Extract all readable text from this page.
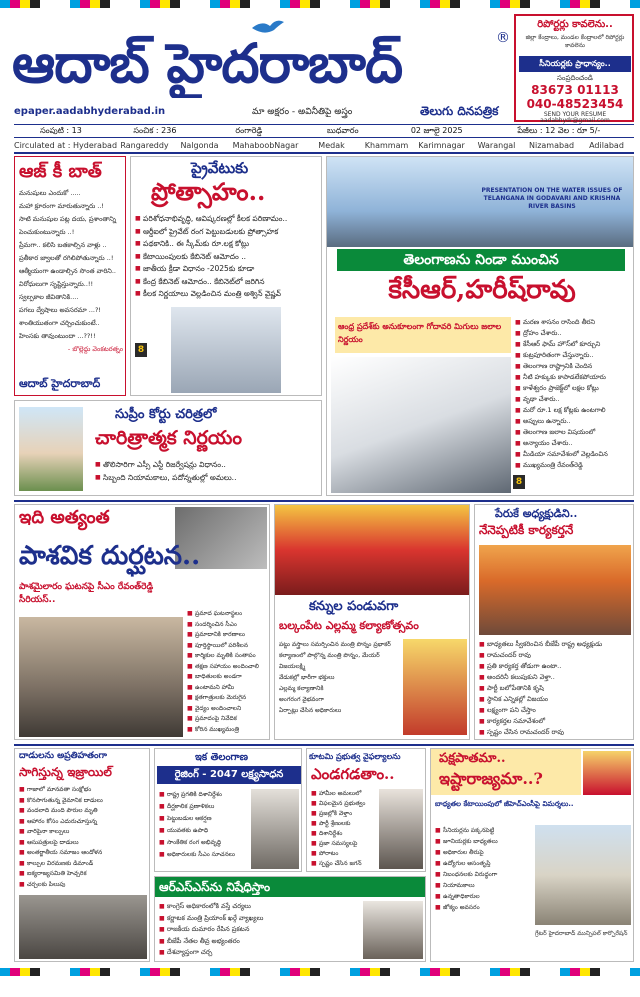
ఆదాబ్ హైదరాబాద్	®
epaper.aadabhyderabad.in	మా అక్షరం - అవినీతిపై అస్త్రం	తెలుగు దినపత్రిక
రిపోర్టర్లు కావలెను..
జిల్లా కేంద్రాలు, మండల కేంద్రాలలో రిపోర్టర్లు కావలెను
సీనియర్లకు ప్రాధాన్యం..
సంప్రదించండి
83673 01113
040-48523454
SEND YOUR RESUME
aadabhydr@gmail.com
సంపుటి : 13	సంచిక : 236	రంగారెడ్డి	బుధవారం	02 జూలై 2025	పేజీలు : 12 వెల : రూ 5/-
Circulated at : Hyderabad Rangareddy	Nalgonda	MahaboobNagar	Medak	Khammam	Karimnagar	Warangal	Nizamabad	Adilabad
ఆజ్ కీ బాత్
మనుషులు ఎందుకో .....
మహా క్రూరంగా మారుతున్నారు ..!
సాటి మనుషుల పట్ల దయ, ప్రశాంతాన్ని
పెంచుకుంటున్నారు ..!
ప్రేమగా.. కలిసి బతకాల్సిన వాళ్లు ..
ప్రతీకార జ్వాలతో రగిలిపోతున్నారు ..!
ఆత్మీయంగా ఉండాల్సిన సొంత వారిని..
విరోధులుగా సృష్టిస్తున్నారు..!!
స్వల్పకాల జీవితానికి....
పగలు ద్వేషాలు అవసరమా ...?!
శాంతియుతంగా చర్చించుకుంటే..
హింసకు తావుంటుందా ...??!!
- బొల్లెద్దు వెంకటరత్నం
ఆదాబ్ హైదరాబాద్
ప్రైవేటుకు
ప్రోత్సాహం..
■ పరిశోధనాభివృద్ధి, ఆవిష్కరణల్లో కీలక పరిణామం..
■ ఆర్డీఐలో ప్రైవేట్ రంగ పెట్టుబడులకు ప్రోత్సాహక
■ పథకానికి.. ఈ స్కీమ్‌కు రూ.లక్ష కోట్లు
■ కేటాయింపులకు కేబినెట్ ఆమోదం ..
■ జాతీయ క్రీడా విధానం -2025కు కూడా
■ కేంద్ర కేబినెట్ ఆమోదం.. కేబినెట్‌లో జరిగిన
■ కీలక నిర్ణయాలు వెల్లడించిన మంత్రి అశ్విన్ వైష్ణవ్
8
PRESENTATION ON THE WATER ISSUES OF TELANGANA IN GODAVARI AND KRISHNA RIVER BASINS
తెలంగాణను నిండా ముంచిన
కేసీఆర్,హరీష్‌రావు
ఆంధ్ర ప్రదేశ్‌కు అనుకూలంగా గోదావరి మిగులు జలాల నిర్ణయం
8
■ మరణ శాసనం రాసింది తీరని
■ ద్రోహం చేశారు..
■ కేసీఆర్ ఫామ్ హౌస్‌లో కూర్చుని
■ కుట్రపూరితంగా చేస్తున్నారు..
■ తెలంగాణ రాష్ట్రానికి చెందిన
■ నీటి హక్కుకు కాపాడలేకపోయారు
■ కాళేశ్వరం ప్రాజెక్ట్‌లో లక్షల కోట్లు
■ వృథా చేశారు..
■ మరో రూ.1 లక్ష కోట్లకు ఉంటగాలి
■ అప్పులు ఉన్నారు..
■ తెలంగాణ జలాల విషయంలో
■ అన్యాయం చేశారు..
■ మీడియా సమావేశంలో వెల్లడించిన
■ ముఖ్యమంత్రి రేవంత్‌రెడ్డి
సుప్రీం కోర్టు చరిత్రలో
చారిత్రాత్మక నిర్ణయం
■ తొలిసారిగా ఎస్సీ ఎస్టీ రిజర్వేషన్లు విధానం..
■ సిబ్బంది నియామకాలు, పదోన్నతుల్లో అమలు..
ఇది అత్యంత
పాశవిక దుర్ఘటన..
పాశమైలారం ఘటనపై సీఎం రేవంత్‌రెడ్డి సీరియస్..
■ ప్రమాద ఘటనాస్థలం
■ సందర్శించిన సీఎం
■ ప్రమాదానికి కారణాలు
■ పూర్తిస్థాయిలో పరిశీలన
■ కార్మికుల మృతికి సంతాపం
■ తక్షణ సహాయం అందించాలి
■ బాధితులకు అండగా
■ ఉంటామని హామీ
■ క్షతగాత్రులకు మెరుగైన
■ వైద్యం అందించాలని
■ ప్రమాదంపై నివేదిక
■ కోరిన ముఖ్యమంత్రి
కన్నుల పండువగా
బల్కంపేట ఎల్లమ్మ కల్యాణోత్సవం
పట్టు వస్త్రాలు సమర్పించిన మంత్రి పొన్నం ప్రభాకర్
కల్యాణంలో పాల్గొన్న మంత్రి పొన్నం, మేయర్
విజయలక్ష్మి
వేడుకల్లో భారీగా భక్తులు
ఎల్లమ్మ కల్యాణానికి
అంగరంగ వైభవంగా
ఏర్పాట్లు చేసిన అధికారులు
పేరుకే అధ్యక్షుడిని..
నేనెప్పటికీ కార్యకర్తనే
■ బాధ్యతలు స్వీకరించిన బీజేపీ రాష్ట్ర అధ్యక్షుడు
■ రామచందర్ రావు
■ ప్రతి కార్యకర్త తోడుగా ఉంటా..
■ అందరినీ కలుపుకుని వెళ్తా..
■ పార్టీ బలోపేతానికి కృషి
■ స్థానిక ఎన్నికల్లో విజయం
■ లక్ష్యంగా పని చేస్తాం
■ కార్యకర్తల సమావేశంలో
■ స్పష్టం చేసిన రామచందర్ రావు
దాడులను అప్రతిహతంగా
సాగిస్తున్న ఇజ్రాయిల్
■ గాజాలో మానవతా సంక్షోభం
■ కొనసాగుతున్న వైమానిక దాడులు
■ వందలాది మంది పౌరుల మృతి
■ ఆహారం కోసం ఎదురుచూస్తున్న
■ వారిపైనా కాల్పులు
■ ఆసుపత్రులపై దాడులు
■ అంతర్జాతీయ సమాజం ఆందోళన
■ కాల్పుల విరమణకు డిమాండ్
■ ఐక్యరాజ్యసమితి హెచ్చరిక
■ చర్చలకు పిలుపు
ఇక తెలంగాణ
రైజింగ్ - 2047 లక్ష్యసాధన
■ రాష్ట్ర ప్రగతికి దిశానిర్దేశం
■ దీర్ఘకాలిక ప్రణాళికలు
■ పెట్టుబడుల ఆకర్షణ
■ యువతకు ఉపాధి
■ సాంకేతిక రంగ అభివృద్ధి
■ అధికారులకు సీఎం సూచనలు
కూటమి ప్రభుత్వ వైఫల్యాలను
ఎండగడతాం..
■ హామీల అమలులో
■ విఫలమైన ప్రభుత్వం
■ ప్రజల్లోకి వెళ్తాం
■ పార్టీ శ్రేణులకు
■ దిశానిర్దేశం
■ ప్రజా సమస్యలపై
■ పోరాటం
■ స్పష్టం చేసిన జగన్
పక్షపాతమా..
ఇష్టారాజ్యమా..?
బాధ్యతల కేటాయింపులో జీహెచ్ఎంసీపై విమర్శలు..
■ సీనియర్లను పక్కనపెట్టి
■ జూనియర్లకు బాధ్యతలు
■ అధికారుల తీరుపై
■ ఉద్యోగుల అసంతృప్తి
■ నిబంధనలకు విరుద్ధంగా
■ నియామకాలు
■ ఉన్నతాధికారుల
■ జోక్యం అవసరం
గ్రేటర్ హైదరాబాద్ మున్సిపల్ కార్పొరేషన్
ఆర్ఎస్ఎస్‌ను నిషేధిస్తాం
■ కాంగ్రెస్ అధికారంలోకి వస్తే చర్యలు
■ కర్ణాటక మంత్రి ప్రియాంక్ ఖర్గే వ్యాఖ్యలు
■ రాజకీయ దుమారం రేపిన ప్రకటన
■ బీజేపీ నేతల తీవ్ర అభ్యంతరం
■ దేశవ్యాప్తంగా చర్చ
